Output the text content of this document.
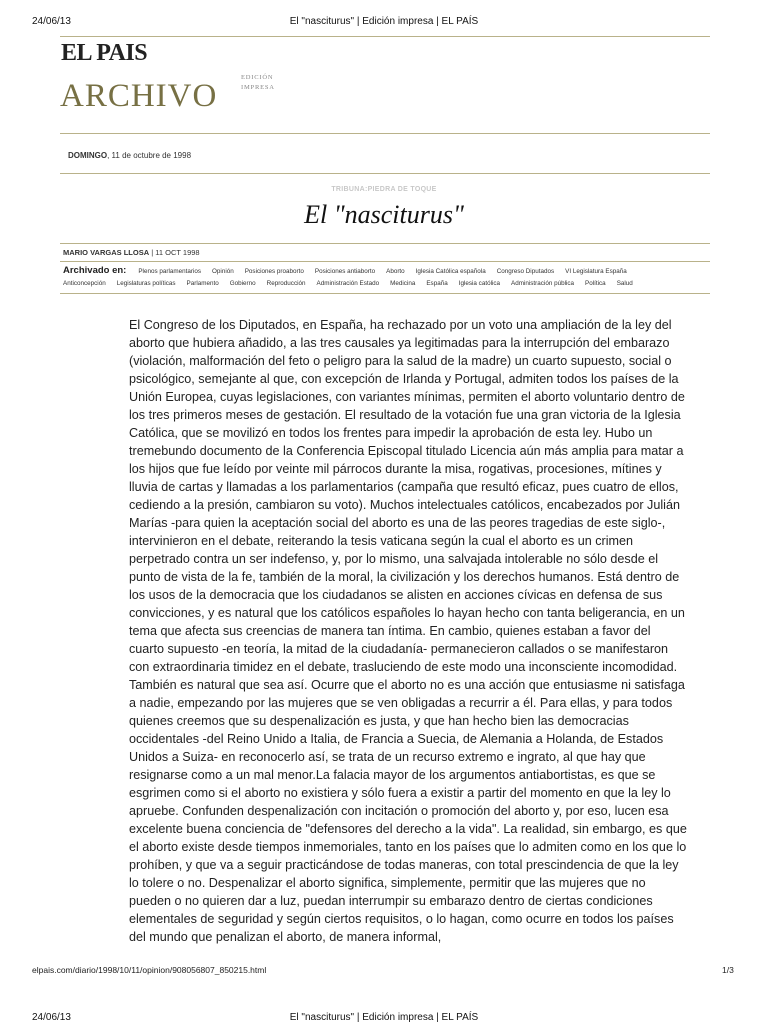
24/06/13	El "nasciturus" | Edición impresa | EL PAÍS
EL PAIS
ARCHIVO
EDICIÓN
IMPRESA
DOMINGO, 11 de octubre de 1998
TRIBUNA:PIEDRA DE TOQUE
El "nasciturus"
MARIO VARGAS LLOSA | 11 OCT 1998
Archivado en: Plenos parlamentarios Opinión Posiciones proaborto Posiciones antiaborto Aborto Iglesia Católica española Congreso Diputados VI Legislatura España
Anticoncepción Legislaturas políticas Parlamento Gobierno Reproducción Administración Estado Medicina España Iglesia católica Administración pública Política Salud
El Congreso de los Diputados, en España, ha rechazado por un voto una ampliación de la ley del aborto que hubiera añadido, a las tres causales ya legitimadas para la interrupción del embarazo (violación, malformación del feto o peligro para la salud de la madre) un cuarto supuesto, social o psicológico, semejante al que, con excepción de Irlanda y Portugal, admiten todos los países de la Unión Europea, cuyas legislaciones, con variantes mínimas, permiten el aborto voluntario dentro de los tres primeros meses de gestación. El resultado de la votación fue una gran victoria de la Iglesia Católica, que se movilizó en todos los frentes para impedir la aprobación de esta ley. Hubo un tremebundo documento de la Conferencia Episcopal titulado Licencia aún más amplia para matar a los hijos que fue leído por veinte mil párrocos durante la misa, rogativas, procesiones, mítines y lluvia de cartas y llamadas a los parlamentarios (campaña que resultó eficaz, pues cuatro de ellos, cediendo a la presión, cambiaron su voto). Muchos intelectuales católicos, encabezados por Julián Marías -para quien la aceptación social del aborto es una de las peores tragedias de este siglo-, intervinieron en el debate, reiterando la tesis vaticana según la cual el aborto es un crimen perpetrado contra un ser indefenso, y, por lo mismo, una salvajada intolerable no sólo desde el punto de vista de la fe, también de la moral, la civilización y los derechos humanos. Está dentro de los usos de la democracia que los ciudadanos se alisten en acciones cívicas en defensa de sus convicciones, y es natural que los católicos españoles lo hayan hecho con tanta beligerancia, en un tema que afecta sus creencias de manera tan íntima. En cambio, quienes estaban a favor del cuarto supuesto -en teoría, la mitad de la ciudadanía- permanecieron callados o se manifestaron con extraordinaria timidez en el debate, trasluciendo de este modo una inconsciente incomodidad. También es natural que sea así. Ocurre que el aborto no es una acción que entusiasme ni satisfaga a nadie, empezando por las mujeres que se ven obligadas a recurrir a él. Para ellas, y para todos quienes creemos que su despenalización es justa, y que han hecho bien las democracias occidentales -del Reino Unido a Italia, de Francia a Suecia, de Alemania a Holanda, de Estados Unidos a Suiza- en reconocerlo así, se trata de un recurso extremo e ingrato, al que hay que resignarse como a un mal menor.La falacia mayor de los argumentos antiabortistas, es que se esgrimen como si el aborto no existiera y sólo fuera a existir a partir del momento en que la ley lo apruebe. Confunden despenalización con incitación o promoción del aborto y, por eso, lucen esa excelente buena conciencia de "defensores del derecho a la vida". La realidad, sin embargo, es que el aborto existe desde tiempos inmemoriales, tanto en los países que lo admiten como en los que lo prohíben, y que va a seguir practicándose de todas maneras, con total prescindencia de que la ley lo tolere o no. Despenalizar el aborto significa, simplemente, permitir que las mujeres que no pueden o no quieren dar a luz, puedan interrumpir su embarazo dentro de ciertas condiciones elementales de seguridad y según ciertos requisitos, o lo hagan, como ocurre en todos los países del mundo que penalizan el aborto, de manera informal,
elpais.com/diario/1998/10/11/opinion/908056807_850215.html	1/3
24/06/13	El "nasciturus" | Edición impresa | EL PAÍS
